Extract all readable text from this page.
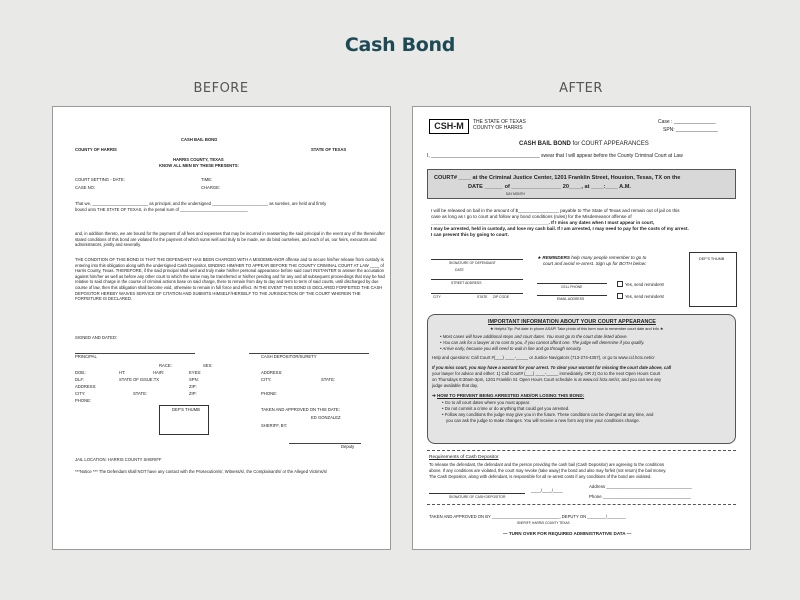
Cash Bond
BEFORE	AFTER
CASH BAIL BOND
COUNTY OF HARRIS	STATE OF TEXAS
HARRIS COUNTY, TEXAS
KNOW ALL MEN BY THESE PRESENTS:
COURT SETTING - DATE:	TIME:
CASE NO:	CHARGE:
That we, ________________________ as principal, and the undersigned ________________________ as sureties, are held and firmly
bound unto THE STATE OF TEXAS, in the penal sum of _____________________________
and, in addition thereto, we are bound for the payment of all fees and expenses that may be incurred in reasserting the said principal in the event any of the thereinafter stated conditions of this bond are violated for the payment of which sums well and truly to be made, we do bind ourselves, and each of us, our heirs, executors and administrators, jointly and severally.
THE CONDITION OF THIS BOND IS THAT THE DEFENDANT HAS BEEN CHARGED WITH A MISDEMEANOR offense and to secure his/her release from custody is entering into this obligation along with the undersigned Cash Depositor, BINDING HIM/HER TO APPEAR BEFORE THE COUNTY CRIMINAL COURT AT LAW ____ of Harris County, Texas. THEREFORE, if the said principal shall well and truly make his/her personal appearance before said court INSTANTER to answer the accusation against him/her as well as before any other court to which the same may be transferred or his/her pending and for any and all subsequent proceedings that may be had relative to said charge in the course of criminal actions base on said charge, there to remain from day to day and term to term of said courts, until discharged by due course of law, then this obligation shall become void, otherwise to remain in full force and effect. IN THE EVENT THIS BOND IS DECLARED FORFEITED THE CASH DEPOSITOR HEREBY WAIVES SERVICE OF CITATION AND SUBMITS HIMSELF/HERSELF TO THE JURISDICTION OF THE COURT WHEREIN THE FORFEITURE IS DECLARED.
SIGNED AND DATED:
PRINCIPAL	CASH DEPOSITOR/SURETY
RACE:	SEX:
DOB.:	HT:	HAIR:	EYES:	ADDRESS:
DL#:	STATE OF ISSUE:TX	SPN:	CITY:	STATE:
ADDRESS:	ZIP:
CITY:	STATE:	ZIP:	PHONE:
PHONE:
DEF'S THUMB	TAKEN AND APPROVED ON THIS DATE:
ED GONZALEZ
SHERIFF, BY:
Deputy
JAIL LOCATION: HARRIS COUNTY SHERIFF
***Notice *** The Defendant shall NOT have any contact with the Prosecution/s/, Witness/s/, the Complainant/s/ or the Alleged Victims/s/
CSH-M	THE STATE OF TEXAS
COUNTY OF HARRIS
Case : _______________
SPN: _______________
CASH BAIL BOND for COURT APPEARANCES
I, _______________________________________ swear that I will appear before the County Criminal Court at Law
COURT# ____ at the Criminal Justice Center, 1201 Franklin Street, Houston, Texas, TX on the
DATE ______ of ________________ 20____, at ____:____ A.M.
DAY MONTH
I will be released on bail in the amount of $________________ payable to The State of Texas and remain out of jail on this
case as long as I go to court and follow any bond conditions (rules) for the Misdemeanor offense of
______________________________________________. If I miss any dates when I must appear in court,
I may be arrested, held in custody, and lose my cash bail. If I am arrested, I may need to pay for the costs of my arrest.
I can prevent this by going to court.
SIGNATURE OF DEFENDANT
DATE
STREET ADDRESS
CITY	STATE ZIP CODE
★ REMINDERS help many people remember to go to
court and avoid re-arrest. Sign up for BOTH below:
CELL PHONE
EMAIL ADDRESS
Yes, send reminders!
Yes, send reminders!
DEF'S THUMB
IMPORTANT INFORMATION ABOUT YOUR COURT APPEARANCE
★ Helpful Tip: Put date in phone ASAP! Take photo of this form now to remember court date and info ★
• Most cases will have additional steps and court dates. You must go to the court date listed above.
• You can ask for a lawyer at no cost to you, if you cannot afford one. The judge will determine if you qualify.
• Arrive early, because you will need to wait in line and go through security.
Help and questions: Call Court #(___) ____-_____ or Justice Navigators (713-274-4357), or go to www.ccl.hctx.net/cr
If you miss court, you may have a warrant for your arrest. To clear your warrant for missing the court date above, call
your lawyer for advice and either: 1) Call Court# (___) ____-_____ immediately, OR 2) Go to the next Open Hours Court
on Thursdays 8:30am-3pm, 1201 Franklin St. Open Hours Court schedule is at www.ccl.hctx.net/cr, and you can see any
judge available that day.
➔ HOW TO PREVENT BEING ARRESTED AND/OR LOSING THIS BOND:
• Go to all court dates where you must appear.
• Do not commit a crime or do anything that could get you arrested.
• Follow any conditions the judge may give you in the future. These conditions can be changed at any time, and
you can ask the judge to make changes. You will receive a new form any time your conditions change.
Requirements of Cash Depositor
To release the defendant, the defendant and the person providing the cash bail (Cash Depositor) are agreeing to the conditions
above. If any conditions are violated, the court may revoke (take away) the bond and also may forfeit (not return) the bail money.
The Cash Depositor, along with defendant, is responsible for all re-arrest costs if any conditions of the bond are violated.
SIGNATURE OF CASH DEPOSITOR
____/____/____
Address ___________________________________
Phone ____________________________________
TAKEN AND APPROVED ON BY _____________________________, DEPUTY ON ________/________
SHERIFF, HARRIS COUNTY TEXAS
— TURN OVER FOR REQUIRED ADMINISTRATIVE DATA —
